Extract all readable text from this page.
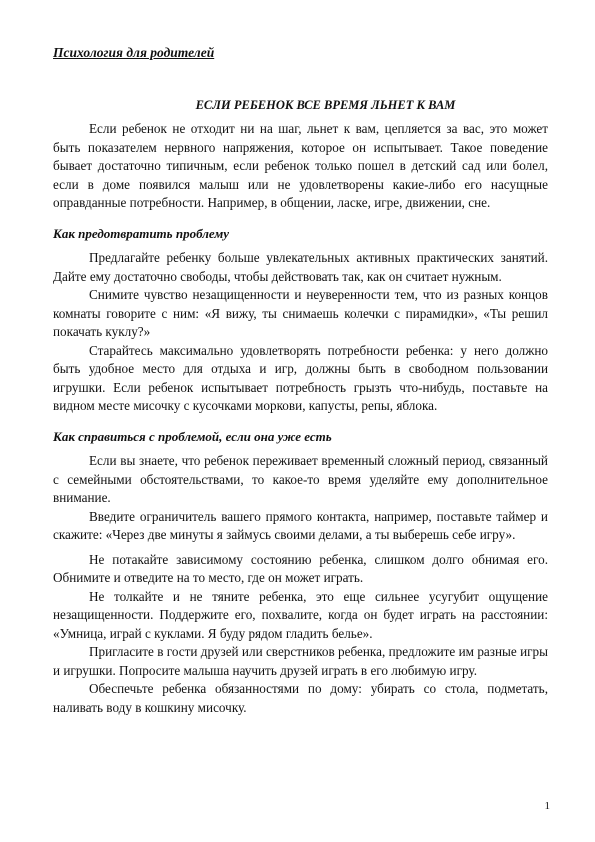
Психология для родителей
ЕСЛИ РЕБЕНОК ВСЕ ВРЕМЯ ЛЬНЕТ К ВАМ

Если ребенок не отходит ни на шаг, льнет к вам, цепляется за вас, это может быть показателем нервного напряжения, которое он испытывает. Такое поведение бывает достаточно типичным, если ребенок только пошел в детский сад или болел, если в доме появился малыш или не удовлетворены какие-либо его насущные оправданные потребности. Например, в общении, ласке, игре, движении, сне.

Как предотвратить проблему

Предлагайте ребенку больше увлекательных активных практических занятий. Дайте ему достаточно свободы, чтобы действовать так, как он считает нужным.

Снимите чувство незащищенности и неуверенности тем, что из разных концов комнаты говорите с ним: «Я вижу, ты снимаешь колечки с пирамидки», «Ты решил покачать куклу?»

Старайтесь максимально удовлетворять потребности ребенка: у него должно быть удобное место для отдыха и игр, должны быть в свободном пользовании игрушки. Если ребенок испытывает потребность грызть что-нибудь, поставьте на видном месте мисочку с кусочками моркови, капусты, репы, яблока.

Как справиться с проблемой, если она уже есть

Если вы знаете, что ребенок переживает временный сложный период, связанный с семейными обстоятельствами, то какое-то время уделяйте ему дополнительное внимание.

Введите ограничитель вашего прямого контакта, например, поставьте таймер и скажите: «Через две минуты я займусь своими делами, а ты выберешь себе игру».

Не потакайте зависимому состоянию ребенка, слишком долго обнимая его. Обнимите и отведите на то место, где он может играть.

Не толкайте и не тяните ребенка, это еще сильнее усугубит ощущение незащищенности. Поддержите его, похвалите, когда он будет играть на расстоянии: «Умница, играй с куклами. Я буду рядом гладить белье».

Пригласите в гости друзей или сверстников ребенка, предложите им разные игры и игрушки. Попросите малыша научить друзей играть в его любимую игру.

Обеспечьте ребенка обязанностями по дому: убирать со стола, подметать, наливать воду в кошкину мисочку.

1
